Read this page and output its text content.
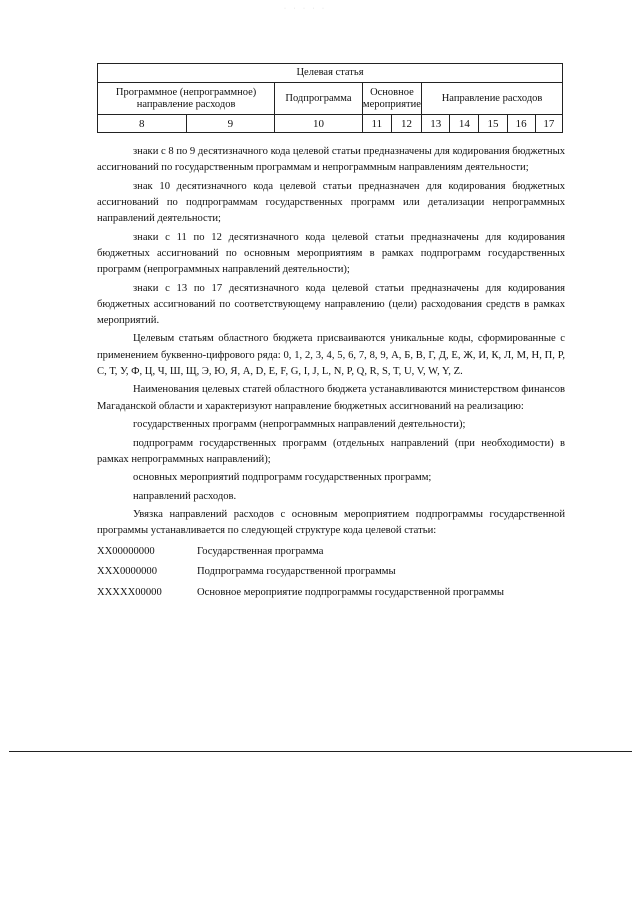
· · · · ·
Целевая статья									
Программное (непрограммное) направление расходов		Подпрограмма	Основное мероприятие		Направление расходов				
8	9	10	11	12	13	14	15	16	17

знаки с 8 по 9 десятизначного кода целевой статьи предназначены для кодирования бюджетных ассигнований по государственным программам и непрограммным направлениям деятельности;

знак 10 десятизначного кода целевой статьи предназначен для кодирования бюджетных ассигнований по подпрограммам государственных программ или детализации непрограммных направлений деятельности;

знаки с 11 по 12 десятизначного кода целевой статьи предназначены для кодирования бюджетных ассигнований по основным мероприятиям в рамках подпрограмм государственных программ (непрограммных направлений деятельности);

знаки с 13 по 17 десятизначного кода целевой статьи предназначены для кодирования бюджетных ассигнований по соответствующему направлению (цели) расходования средств в рамках мероприятий.

Целевым статьям областного бюджета присваиваются уникальные коды, сформированные с применением буквенно-цифрового ряда: 0, 1, 2, 3, 4, 5, 6, 7, 8, 9, А, Б, В, Г, Д, Е, Ж, И, К, Л, М, Н, П, Р, С, Т, У, Ф, Ц, Ч, Ш, Щ, Э, Ю, Я, A, D, E, F, G, I, J, L, N, P, Q, R, S, T, U, V, W, Y, Z.

Наименования целевых статей областного бюджета устанавливаются министерством финансов Магаданской области и характеризуют направление бюджетных ассигнований на реализацию:

государственных программ (непрограммных направлений деятельности);

подпрограмм государственных программ (отдельных направлений (при необходимости) в рамках непрограммных направлений);

основных мероприятий подпрограмм государственных программ;

направлений расходов.

Увязка направлений расходов с основным мероприятием подпрограммы государственной программы устанавливается по следующей структуре кода целевой статьи:

XX00000000	Государственная программа
XXX0000000	Подпрограмма государственной программы
XXXXX00000	Основное мероприятие подпрограммы государственной программы
